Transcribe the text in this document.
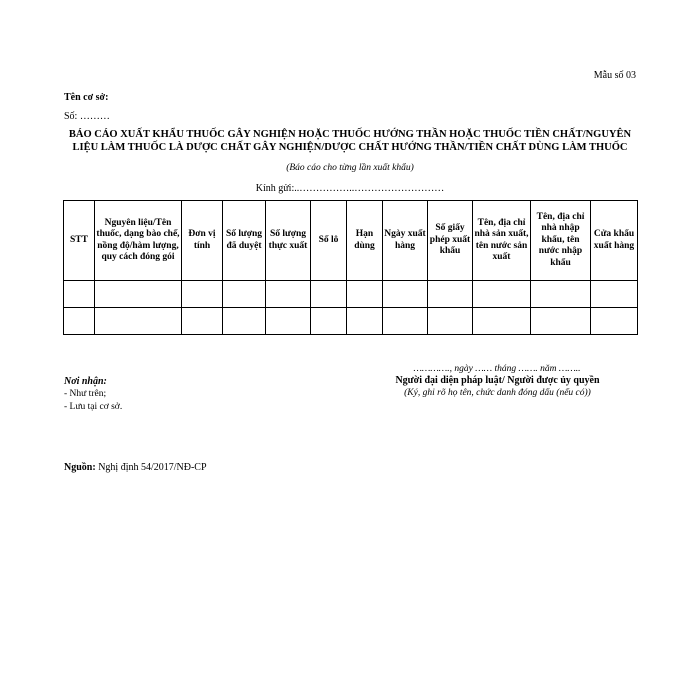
Mẫu số 03
Tên cơ sở:
Số: ………
BÁO CÁO XUẤT KHẨU THUỐC GÂY NGHIỆN HOẶC THUỐC HƯỚNG THẦN HOẶC THUỐC TIỀN CHẤT/NGUYÊN
LIỆU LÀM THUỐC LÀ DƯỢC CHẤT GÂY NGHIỆN/DƯỢC CHẤT HƯỚNG THẦN/TIỀN CHẤT DÙNG LÀM THUỐC
(Báo cáo cho từng lần xuất khẩu)
Kính gửi:..……………..………………………
STT	Nguyên liệu/Tên thuốc, dạng bào chế, nồng độ/hàm lượng, quy cách đóng gói	Đơn vị tính	Số lượng đã duyệt	Số lượng thực xuất	Số lô	Hạn dùng	Ngày xuất hàng	Số giấy phép xuất khẩu	Tên, địa chỉ nhà sản xuất, tên nước sản xuất	Tên, địa chỉ nhà nhập khẩu, tên nước nhập khẩu	Cửa khẩu xuất hàng

…………., ngày …… tháng ……. năm ……..
Người đại diện pháp luật/ Người được ủy quyền
(Ký, ghi rõ họ tên, chức danh đóng dấu (nếu có))
Nơi nhận:
- Như trên;
- Lưu tại cơ sở.
Nguồn: Nghị định 54/2017/NĐ-CP
